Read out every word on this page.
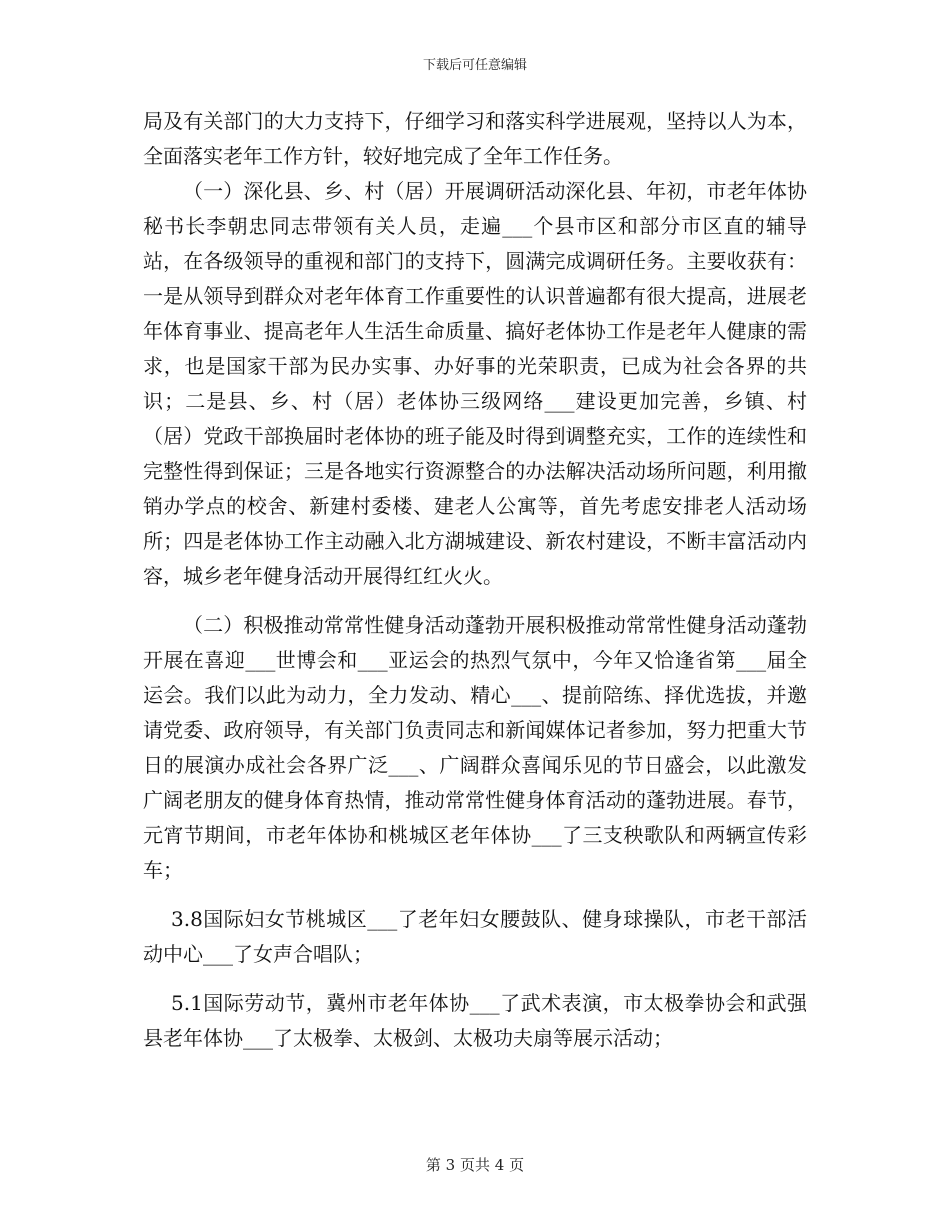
下载后可任意编辑

局及有关部门的大力支持下，仔细学习和落实科学进展观，坚持以人为本，全面落实老年工作方针，较好地完成了全年工作任务。

（一）深化县、乡、村（居）开展调研活动深化县、年初，市老年体协秘书长李朝忠同志带领有关人员，走遍___个县市区和部分市区直的辅导站，在各级领导的重视和部门的支持下，圆满完成调研任务。主要收获有：一是从领导到群众对老年体育工作重要性的认识普遍都有很大提高，进展老年体育事业、提高老年人生活生命质量、搞好老体协工作是老年人健康的需求，也是国家干部为民办实事、办好事的光荣职责，已成为社会各界的共识；二是县、乡、村（居）老体协三级网络___建设更加完善，乡镇、村（居）党政干部换届时老体协的班子能及时得到调整充实，工作的连续性和完整性得到保证；三是各地实行资源整合的办法解决活动场所问题，利用撤销办学点的校舍、新建村委楼、建老人公寓等，首先考虑安排老人活动场所；四是老体协工作主动融入北方湖城建设、新农村建设，不断丰富活动内容，城乡老年健身活动开展得红红火火。

（二）积极推动常常性健身活动蓬勃开展积极推动常常性健身活动蓬勃开展在喜迎___世博会和___亚运会的热烈气氛中，今年又恰逢省第___届全运会。我们以此为动力，全力发动、精心___、提前陪练、择优选拔，并邀请党委、政府领导，有关部门负责同志和新闻媒体记者参加，努力把重大节日的展演办成社会各界广泛___、广阔群众喜闻乐见的节日盛会，以此激发广阔老朋友的健身体育热情，推动常常性健身体育活动的蓬勃进展。春节，元宵节期间，市老年体协和桃城区老年体协___了三支秧歌队和两辆宣传彩车；

3.8国际妇女节桃城区___了老年妇女腰鼓队、健身球操队，市老干部活动中心___了女声合唱队；

5.1国际劳动节，冀州市老年体协___了武术表演，市太极拳协会和武强县老年体协___了太极拳、太极剑、太极功夫扇等展示活动；

第 3 页共 4 页
